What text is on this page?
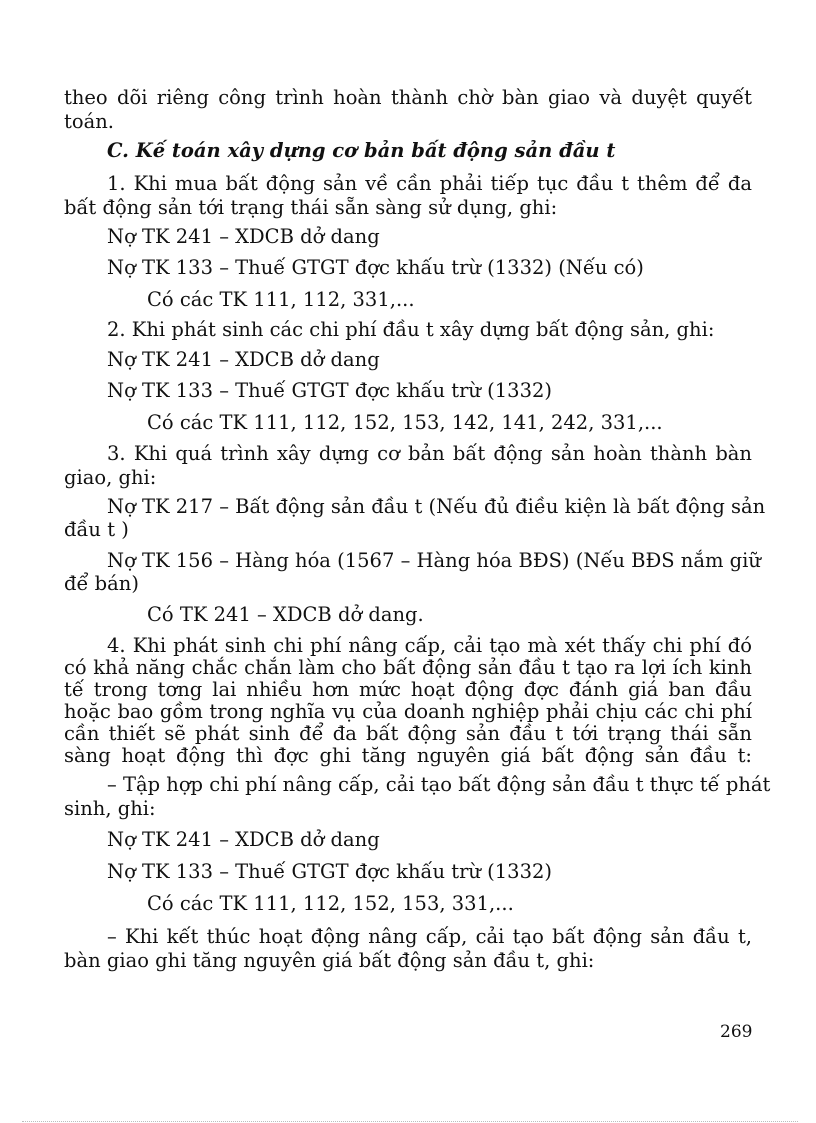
theo dõi riêng công trình hoàn thành chờ bàn giao và duyệt quyết
toán.
C. Kế toán xây dựng cơ bản bất động sản đầu t
1. Khi mua bất động sản về cần phải tiếp tục đầu t thêm để đa
bất động sản tới trạng thái sẵn sàng sử dụng, ghi:
Nợ TK 241 – XDCB dở dang
Nợ TK 133 – Thuế GTGT đợc khấu trừ (1332) (Nếu có)
Có các TK 111, 112, 331,...
2. Khi phát sinh các chi phí đầu t xây dựng bất động sản, ghi:
Nợ TK 241 – XDCB dở dang
Nợ TK 133 – Thuế GTGT đợc khấu trừ (1332)
Có các TK 111, 112, 152, 153, 142, 141, 242, 331,...
3. Khi quá trình xây dựng cơ bản bất động sản hoàn thành bàn
giao, ghi:
Nợ TK 217 – Bất động sản đầu t (Nếu đủ điều kiện là bất động sản
đầu t )
Nợ TK 156 – Hàng hóa (1567 – Hàng hóa BĐS) (Nếu BĐS nắm giữ
để bán)
Có TK 241 – XDCB dở dang.
4. Khi phát sinh chi phí nâng cấp, cải tạo mà xét thấy chi phí đó
có khả năng chắc chắn làm cho bất động sản đầu t tạo ra lợi ích kinh
tế trong tơng lai nhiều hơn mức hoạt động đợc đánh giá ban đầu
hoặc bao gồm trong nghĩa vụ của doanh nghiệp phải chịu các chi phí
cần thiết sẽ phát sinh để đa bất động sản đầu t tới trạng thái sẵn
sàng hoạt động thì đợc ghi tăng nguyên giá bất động sản đầu t:
– Tập hợp chi phí nâng cấp, cải tạo bất động sản đầu t thực tế phát
sinh, ghi:
Nợ TK 241 – XDCB dở dang
Nợ TK 133 – Thuế GTGT đợc khấu trừ (1332)
Có các TK 111, 112, 152, 153, 331,...
– Khi kết thúc hoạt động nâng cấp, cải tạo bất động sản đầu t,
bàn giao ghi tăng nguyên giá bất động sản đầu t, ghi:
269
